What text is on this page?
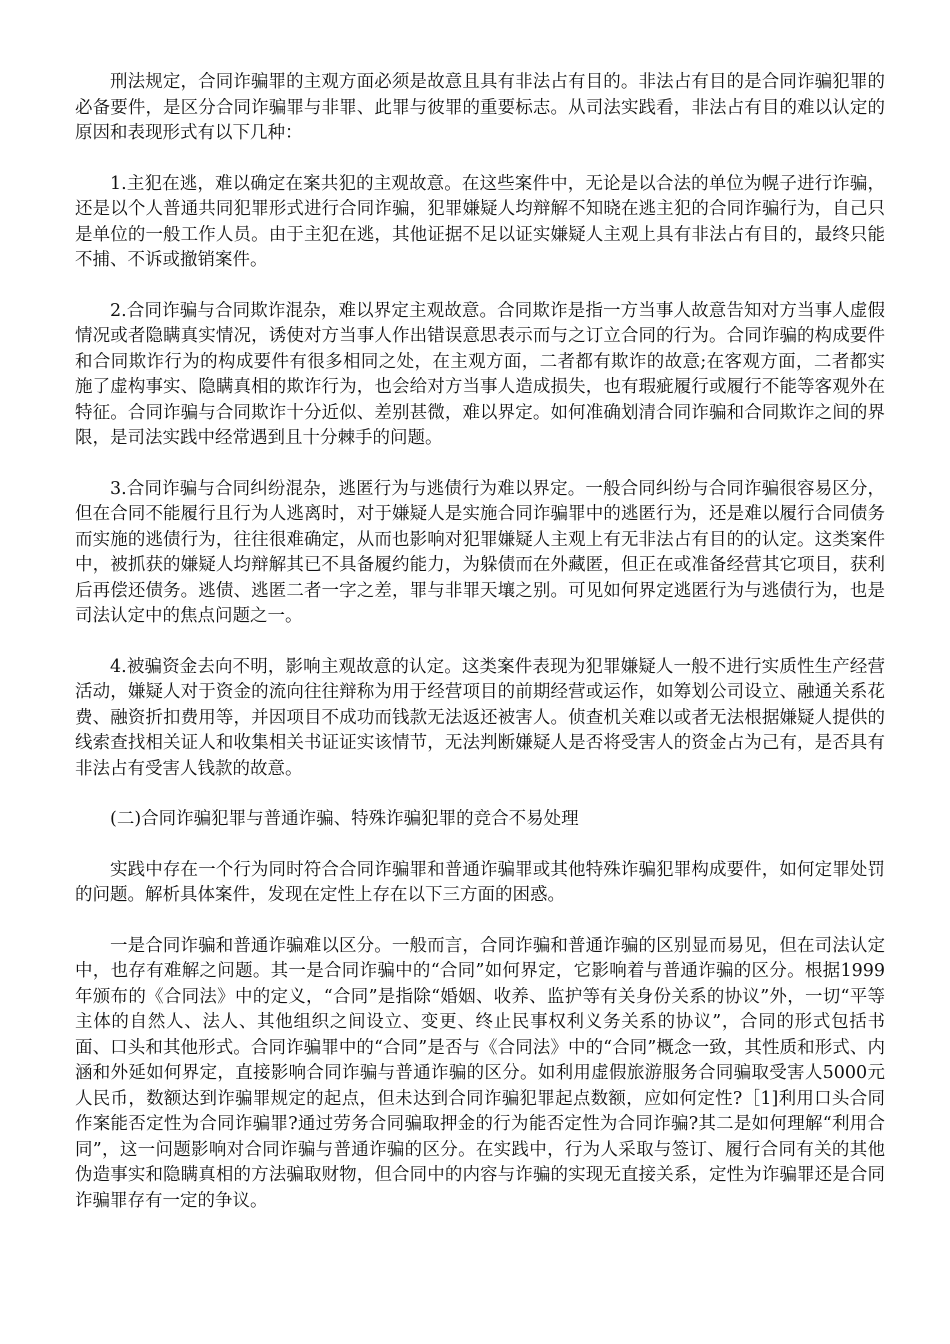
刑法规定，合同诈骗罪的主观方面必须是故意且具有非法占有目的。非法占有目的是合同诈骗犯罪的必备要件，是区分合同诈骗罪与非罪、此罪与彼罪的重要标志。从司法实践看，非法占有目的难以认定的原因和表现形式有以下几种：

1.主犯在逃，难以确定在案共犯的主观故意。在这些案件中，无论是以合法的单位为幌子进行诈骗，还是以个人普通共同犯罪形式进行合同诈骗，犯罪嫌疑人均辩解不知晓在逃主犯的合同诈骗行为，自己只是单位的一般工作人员。由于主犯在逃，其他证据不足以证实嫌疑人主观上具有非法占有目的，最终只能不捕、不诉或撤销案件。

2.合同诈骗与合同欺诈混杂，难以界定主观故意。合同欺诈是指一方当事人故意告知对方当事人虚假情况或者隐瞒真实情况，诱使对方当事人作出错误意思表示而与之订立合同的行为。合同诈骗的构成要件和合同欺诈行为的构成要件有很多相同之处，在主观方面，二者都有欺诈的故意;在客观方面，二者都实施了虚构事实、隐瞒真相的欺诈行为，也会给对方当事人造成损失，也有瑕疵履行或履行不能等客观外在特征。合同诈骗与合同欺诈十分近似、差别甚微，难以界定。如何准确划清合同诈骗和合同欺诈之间的界限，是司法实践中经常遇到且十分棘手的问题。

3.合同诈骗与合同纠纷混杂，逃匿行为与逃债行为难以界定。一般合同纠纷与合同诈骗很容易区分，但在合同不能履行且行为人逃离时，对于嫌疑人是实施合同诈骗罪中的逃匿行为，还是难以履行合同债务而实施的逃债行为，往往很难确定，从而也影响对犯罪嫌疑人主观上有无非法占有目的的认定。这类案件中，被抓获的嫌疑人均辩解其已不具备履约能力，为躲债而在外藏匿，但正在或准备经营其它项目，获利后再偿还债务。逃债、逃匿二者一字之差，罪与非罪天壤之别。可见如何界定逃匿行为与逃债行为，也是司法认定中的焦点问题之一。

4.被骗资金去向不明，影响主观故意的认定。这类案件表现为犯罪嫌疑人一般不进行实质性生产经营活动，嫌疑人对于资金的流向往往辩称为用于经营项目的前期经营或运作，如筹划公司设立、融通关系花费、融资折扣费用等，并因项目不成功而钱款无法返还被害人。侦查机关难以或者无法根据嫌疑人提供的线索查找相关证人和收集相关书证证实该情节，无法判断嫌疑人是否将受害人的资金占为己有，是否具有非法占有受害人钱款的故意。

(二)合同诈骗犯罪与普通诈骗、特殊诈骗犯罪的竞合不易处理

实践中存在一个行为同时符合合同诈骗罪和普通诈骗罪或其他特殊诈骗犯罪构成要件，如何定罪处罚的问题。解析具体案件，发现在定性上存在以下三方面的困惑。

一是合同诈骗和普通诈骗难以区分。一般而言，合同诈骗和普通诈骗的区别显而易见，但在司法认定中，也存有难解之问题。其一是合同诈骗中的“合同”如何界定，它影响着与普通诈骗的区分。根据1999年颁布的《合同法》中的定义，“合同”是指除“婚姻、收养、监护等有关身份关系的协议”外，一切“平等主体的自然人、法人、其他组织之间设立、变更、终止民事权利义务关系的协议”，合同的形式包括书面、口头和其他形式。合同诈骗罪中的“合同”是否与《合同法》中的“合同”概念一致，其性质和形式、内涵和外延如何界定，直接影响合同诈骗与普通诈骗的区分。如利用虚假旅游服务合同骗取受害人5000元人民币，数额达到诈骗罪规定的起点，但未达到合同诈骗犯罪起点数额，应如何定性?［1]利用口头合同作案能否定性为合同诈骗罪?通过劳务合同骗取押金的行为能否定性为合同诈骗?其二是如何理解“利用合同”，这一问题影响对合同诈骗与普通诈骗的区分。在实践中，行为人采取与签订、履行合同有关的其他伪造事实和隐瞒真相的方法骗取财物，但合同中的内容与诈骗的实现无直接关系，定性为诈骗罪还是合同诈骗罪存有一定的争议。
